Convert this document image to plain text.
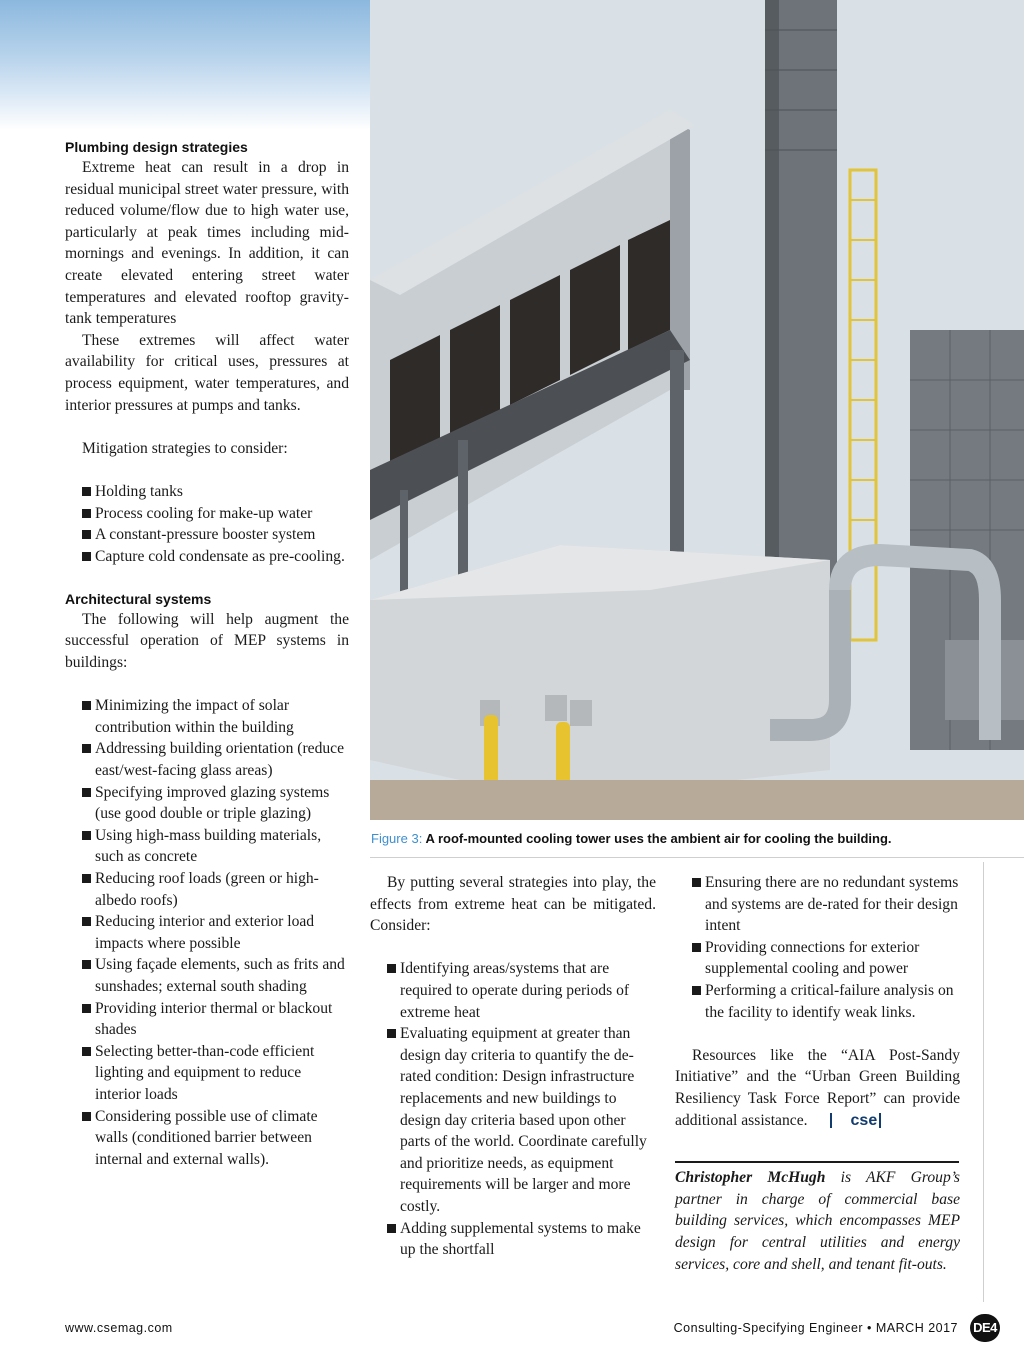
Figure 3: A roof-mounted cooling tower uses the ambient air for cooling the building.
Plumbing design strategies

Extreme heat can result in a drop in residual municipal street water pressure, with reduced volume/flow due to high water use, particularly at peak times including mid-mornings and evenings. In addition, it can create elevated entering street water temperatures and elevated rooftop gravity-tank temperatures

These extremes will affect water availability for critical uses, pressures at process equipment, water temperatures, and interior pressures at pumps and tanks.

Mitigation strategies to consider:

Holding tanks
Process cooling for make-up water
A constant-pressure booster system
Capture cold condensate as pre-cooling.
Architectural systems

The following will help augment the successful operation of MEP systems in buildings:

Minimizing the impact of solar contribution within the building
Addressing building orientation (reduce east/west-facing glass areas)
Specifying improved glazing systems (use good double or triple glazing)
Using high-mass building materials, such as concrete
Reducing roof loads (green or high-albedo roofs)
Reducing interior and exterior load impacts where possible
Using façade elements, such as frits and sunshades; external south shading
Providing interior thermal or blackout shades
Selecting better-than-code efficient lighting and equipment to reduce interior loads
Considering possible use of climate walls (conditioned barrier between internal and external walls).

By putting several strategies into play, the effects from extreme heat can be mitigated. Consider:

Identifying areas/systems that are required to operate during periods of extreme heat
Evaluating equipment at greater than design day criteria to quantify the de-rated condition: Design infrastructure replacements and new buildings to design day criteria based upon other parts of the world. Coordinate carefully and prioritize needs, as equipment requirements will be larger and more costly.
Adding supplemental systems to make up the shortfall
Ensuring there are no redundant systems and systems are de-rated for their design intent
Providing connections for exterior supplemental cooling and power
Performing a critical-failure analysis on the facility to identify weak links.

Resources like the “AIA Post-Sandy Initiative” and the “Urban Green Building Resiliency Task Force Report” can provide additional assistance.	cse

Christopher McHugh is AKF Group’s partner in charge of commercial base building services, which encompasses MEP design for central utilities and energy services, core and shell, and tenant fit-outs.

www.csemag.com	Consulting-Specifying Engineer • MARCH 2017 DE4
